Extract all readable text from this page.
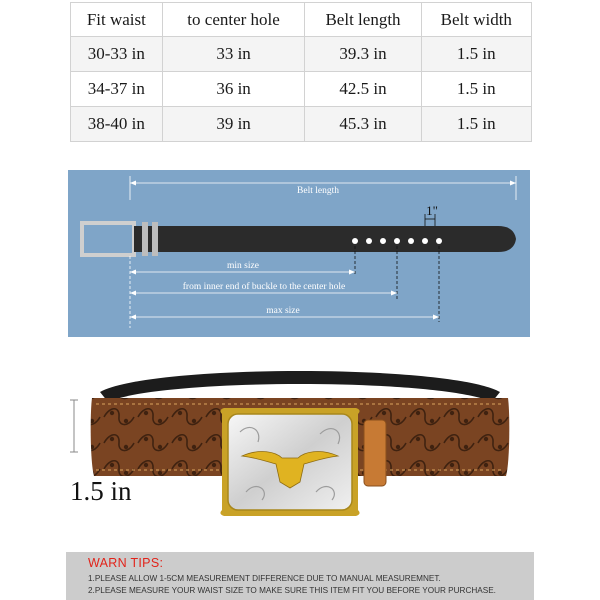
Fit waist	to center hole	Belt length	Belt width
30-33 in	33 in	39.3 in	1.5 in
34-37 in	36 in	42.5 in	1.5 in
38-40 in	39 in	45.3 in	1.5 in
Belt length
1"
min size
from inner end of buckle to the center hole
max size
1.5 in
WARN TIPS:
1.PLEASE ALLOW 1-5CM MEASUREMENT DIFFERENCE DUE TO MANUAL MEASUREMNET.
2.PLEASE MEASURE YOUR WAIST SIZE TO MAKE SURE THIS ITEM FIT YOU BEFORE YOUR PURCHASE.
